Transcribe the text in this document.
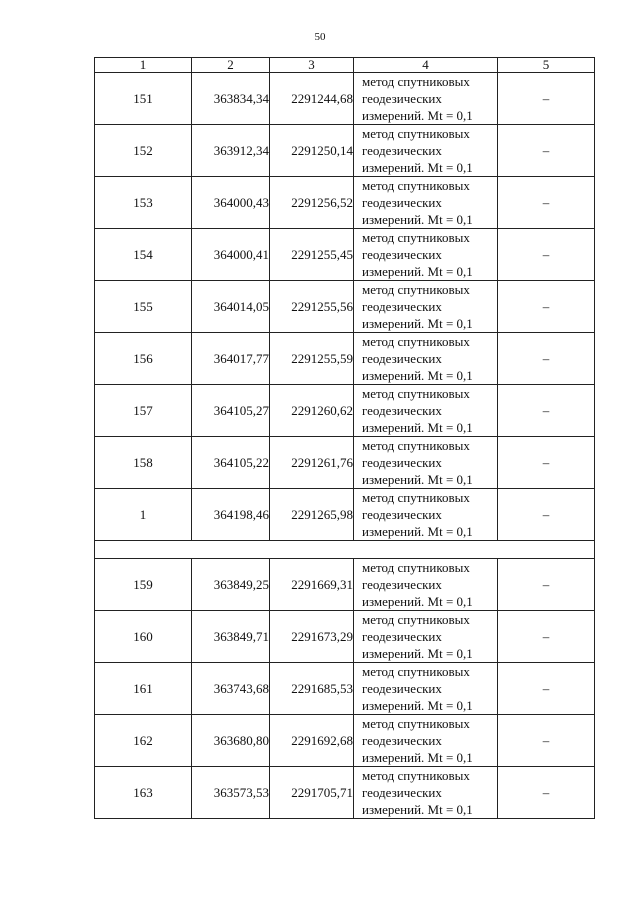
50
1	2	3	4	5
151	363834,34	2291244,68	метод спутниковых
геодезических
измерений. Mt = 0,1	–
152	363912,34	2291250,14	метод спутниковых
геодезических
измерений. Mt = 0,1	–
153	364000,43	2291256,52	метод спутниковых
геодезических
измерений. Mt = 0,1	–
154	364000,41	2291255,45	метод спутниковых
геодезических
измерений. Mt = 0,1	–
155	364014,05	2291255,56	метод спутниковых
геодезических
измерений. Mt = 0,1	–
156	364017,77	2291255,59	метод спутниковых
геодезических
измерений. Mt = 0,1	–
157	364105,27	2291260,62	метод спутниковых
геодезических
измерений. Mt = 0,1	–
158	364105,22	2291261,76	метод спутниковых
геодезических
измерений. Mt = 0,1	–
1	364198,46	2291265,98	метод спутниковых
геодезических
измерений. Mt = 0,1	–

159	363849,25	2291669,31	метод спутниковых
геодезических
измерений. Mt = 0,1	–
160	363849,71	2291673,29	метод спутниковых
геодезических
измерений. Mt = 0,1	–
161	363743,68	2291685,53	метод спутниковых
геодезических
измерений. Mt = 0,1	–
162	363680,80	2291692,68	метод спутниковых
геодезических
измерений. Mt = 0,1	–
163	363573,53	2291705,71	метод спутниковых
геодезических
измерений. Mt = 0,1	–
